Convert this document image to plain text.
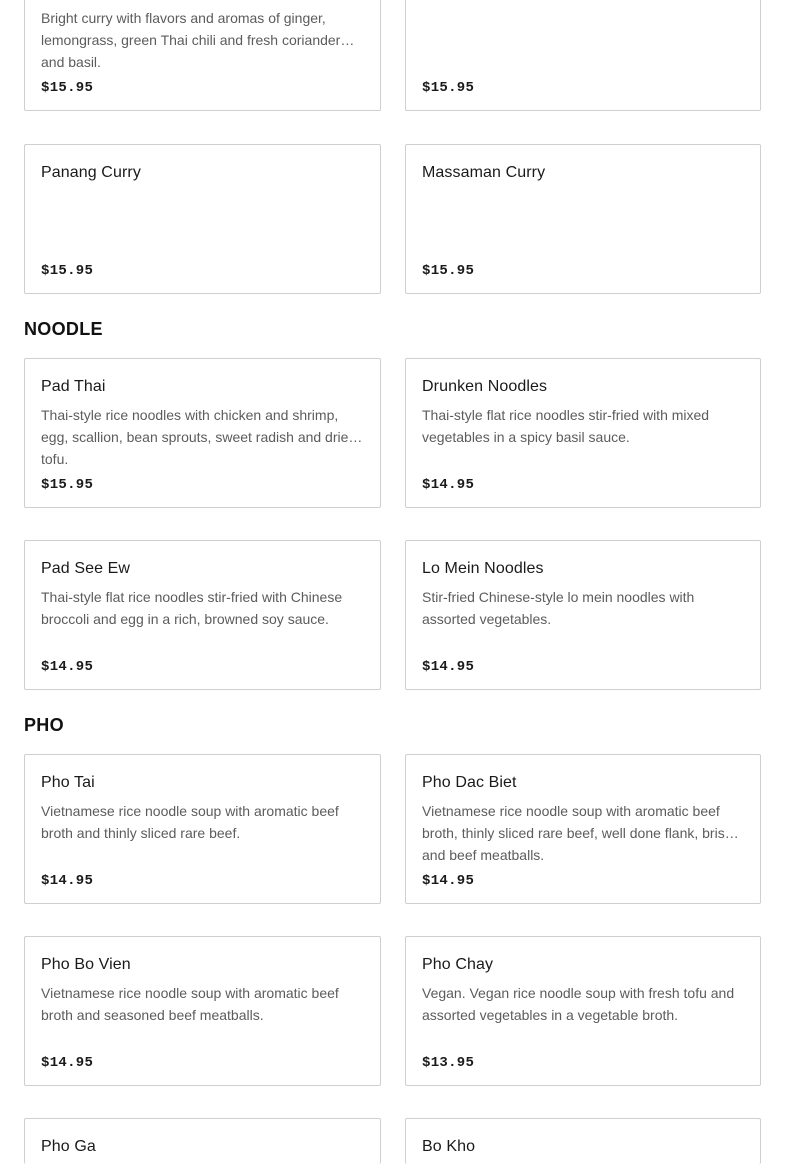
Bright curry with flavors and aromas of ginger, lemongrass, green Thai chili and fresh coriander and basil.
$15.95	$15.95
Panang Curry
$15.95
Massaman Curry
$15.95
NOODLE
Pad Thai
Thai-style rice noodles with chicken and shrimp, egg, scallion, bean sprouts, sweet radish and dried tofu.
$15.95
Drunken Noodles
Thai-style flat rice noodles stir-fried with mixed vegetables in a spicy basil sauce.
$14.95
Pad See Ew
Thai-style flat rice noodles stir-fried with Chinese broccoli and egg in a rich, browned soy sauce.
$14.95
Lo Mein Noodles
Stir-fried Chinese-style lo mein noodles with assorted vegetables.
$14.95
PHO
Pho Tai
Vietnamese rice noodle soup with aromatic beef broth and thinly sliced rare beef.
$14.95
Pho Dac Biet
Vietnamese rice noodle soup with aromatic beef broth, thinly sliced rare beef, well done flank, brisket and beef meatballs.
$14.95
Pho Bo Vien
Vietnamese rice noodle soup with aromatic beef broth and seasoned beef meatballs.
$14.95
Pho Chay
Vegan. Vegan rice noodle soup with fresh tofu and assorted vegetables in a vegetable broth.
$13.95
Pho Ga	Bo Kho
